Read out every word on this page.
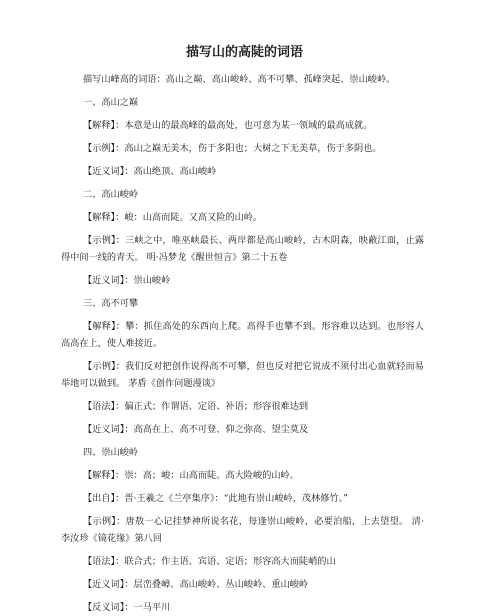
描写山的高陡的词语
描写山峰高的词语：高山之巅、高山峻岭、高不可攀、孤峰突起、崇山峻岭。
一、高山之巅
【解释】：本意是山的最高峰的最高处，也可意为某一领域的最高成就。
【示例】：高山之巅无美木，伤于多阳也；大树之下无美草，伤于多阴也。
【近义词】：高山绝顶、高山峻岭
二、高山峻岭
【解释】：峻：山高而陡。又高又险的山岭。
【示例】：三峡之中，唯巫峡最长、两岸都是高山峻岭，古木阴森，映蔽江面，止露得中间一线的青天。 明·冯梦龙《醒世恒言》第二十五卷
【近义词】：崇山峻岭
三、高不可攀
【解释】：攀：抓住高处的东西向上爬。高得手也攀不到。形容难以达到。也形容人高高在上，使人难接近。
【示例】：我们反对把创作说得高不可攀，但也反对把它说成不须付出心血就轻而易举地可以做到。 茅盾《创作问题漫谈》
【语法】：偏正式；作谓语、定语、补语；形容很难达到
【近义词】：高高在上、高不可登、仰之弥高、望尘莫及
四、崇山峻岭
【解释】：崇：高；峻：山高而陡。高大险峻的山岭。
【出自】：晋·王羲之《兰亭集序》：“此地有崇山峻岭，茂林修竹。”
【示例】：唐敖一心记挂梦神所说名花，每逢崇山峻岭，必要泊船，上去望望。 清·李汝珍《镜花缘》第八回
【语法】：联合式；作主语、宾语、定语；形容高大而陡峭的山
【近义词】：层峦叠嶂、高山峻岭、丛山峻岭、重山峻岭
【反义词】：一马平川
